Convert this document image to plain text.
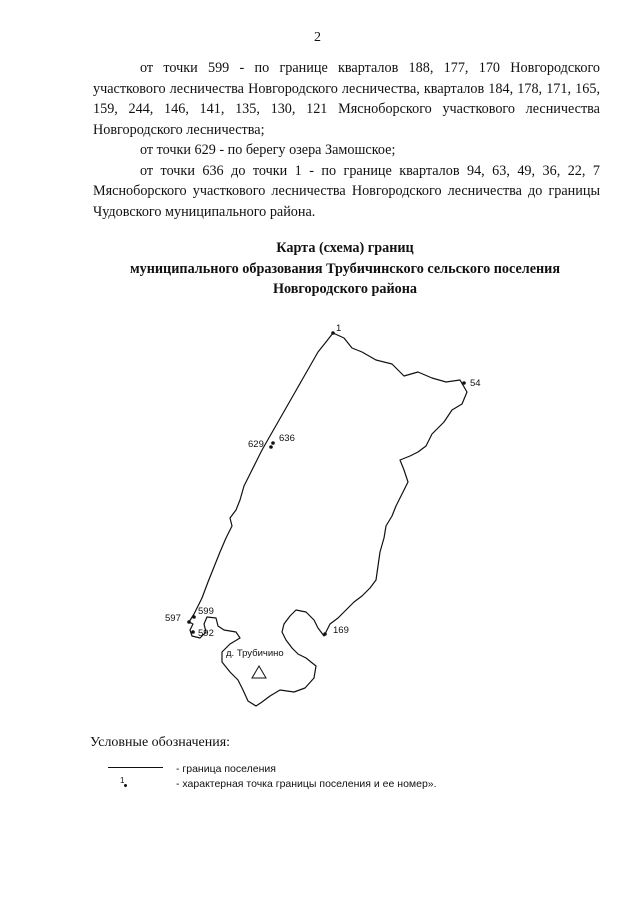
2

от точки 599 - по границе кварталов 188, 177, 170 Новгородского участкового лесничества Новгородского лесничества, кварталов 184, 178, 171, 165, 159, 244, 146, 141, 135, 130, 121 Мясноборского участкового лесничества Новгородского лесничества;

от точки 629 - по берегу озера Замошское;

от точки 636 до точки 1 - по границе кварталов 94, 63, 49, 36, 22, 7 Мясноборского участкового лесничества Новгородского лесничества до границы Чудовского муниципального района.

Карта (схема) границ
муниципального образования Трубичинского сельского поселения
Новгородского района
1
54
629
636
597
599
592	169
д. Трубичино
Условные обозначения:
- граница поселения
1	- характерная точка границы поселения и ее номер».
